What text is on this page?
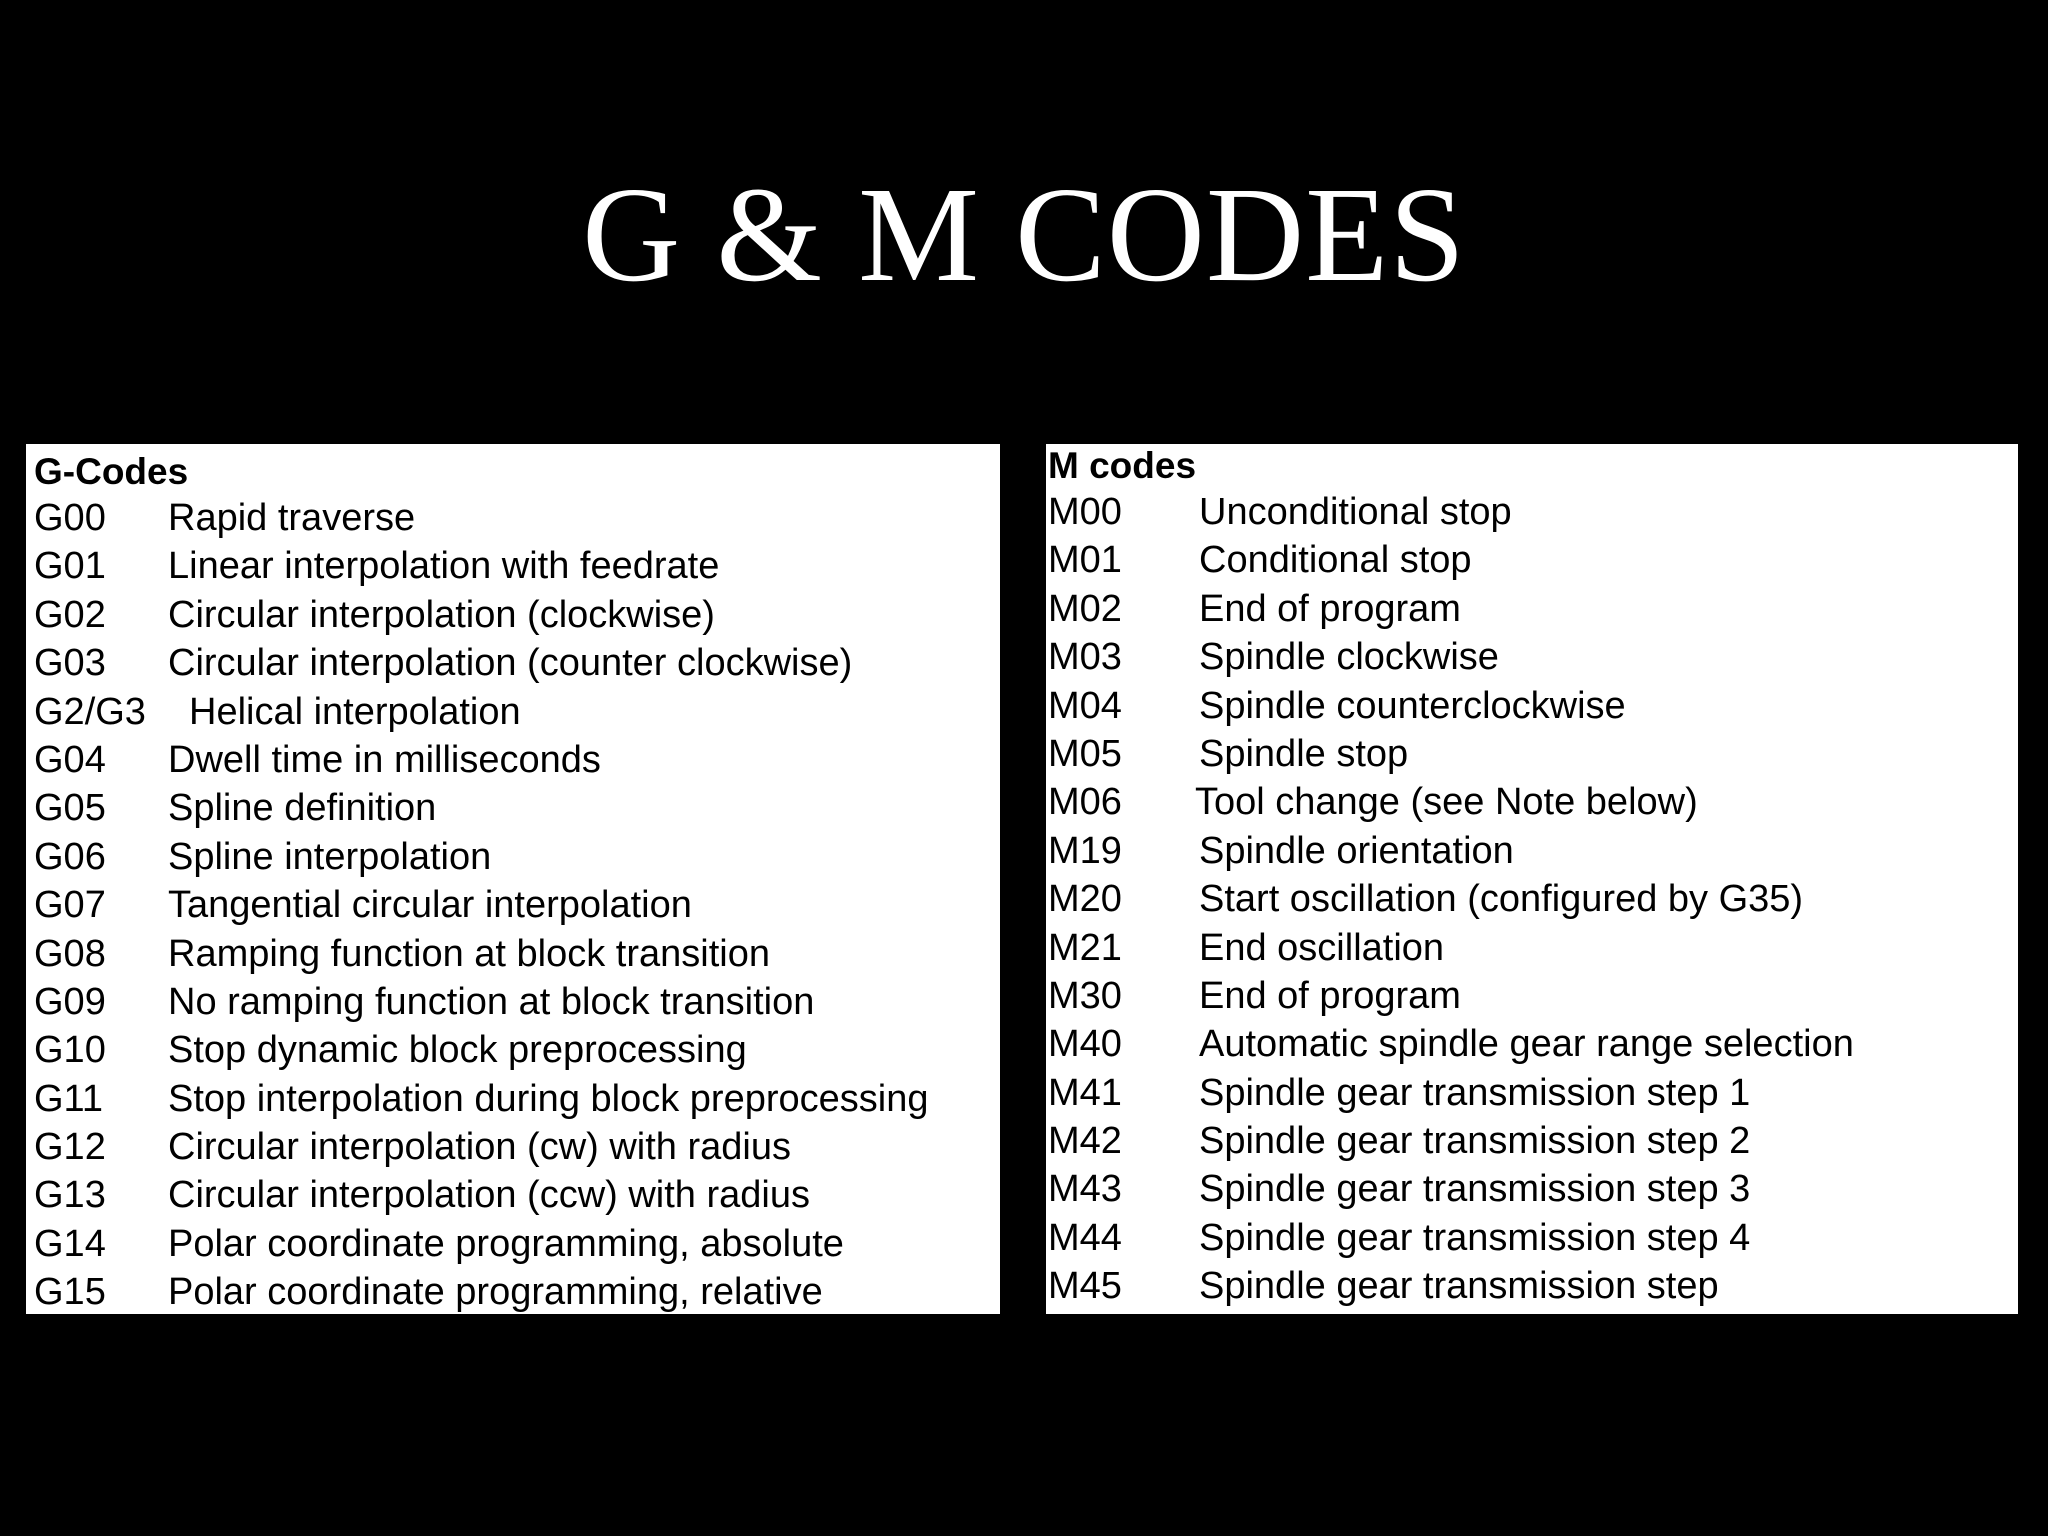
G & M CODES
G-Codes
G00	Rapid traverse
G01	Linear interpolation with feedrate
G02	Circular interpolation (clockwise)
G03	Circular interpolation (counter clockwise)
G2/G3	Helical interpolation
G04	Dwell time in milliseconds
G05	Spline definition
G06	Spline interpolation
G07	Tangential circular interpolation
G08	Ramping function at block transition
G09	No ramping function at block transition
G10	Stop dynamic block preprocessing
G11	Stop interpolation during block preprocessing
G12	Circular interpolation (cw) with radius
G13	Circular interpolation (ccw) with radius
G14	Polar coordinate programming, absolute
G15	Polar coordinate programming, relative
M codes
M00	Unconditional stop
M01	Conditional stop
M02	End of program
M03	Spindle clockwise
M04	Spindle counterclockwise
M05	Spindle stop
M06	Tool change (see Note below)
M19	Spindle orientation
M20	Start oscillation (configured by G35)
M21	End oscillation
M30	End of program
M40	Automatic spindle gear range selection
M41	Spindle gear transmission step 1
M42	Spindle gear transmission step 2
M43	Spindle gear transmission step 3
M44	Spindle gear transmission step 4
M45	Spindle gear transmission step
